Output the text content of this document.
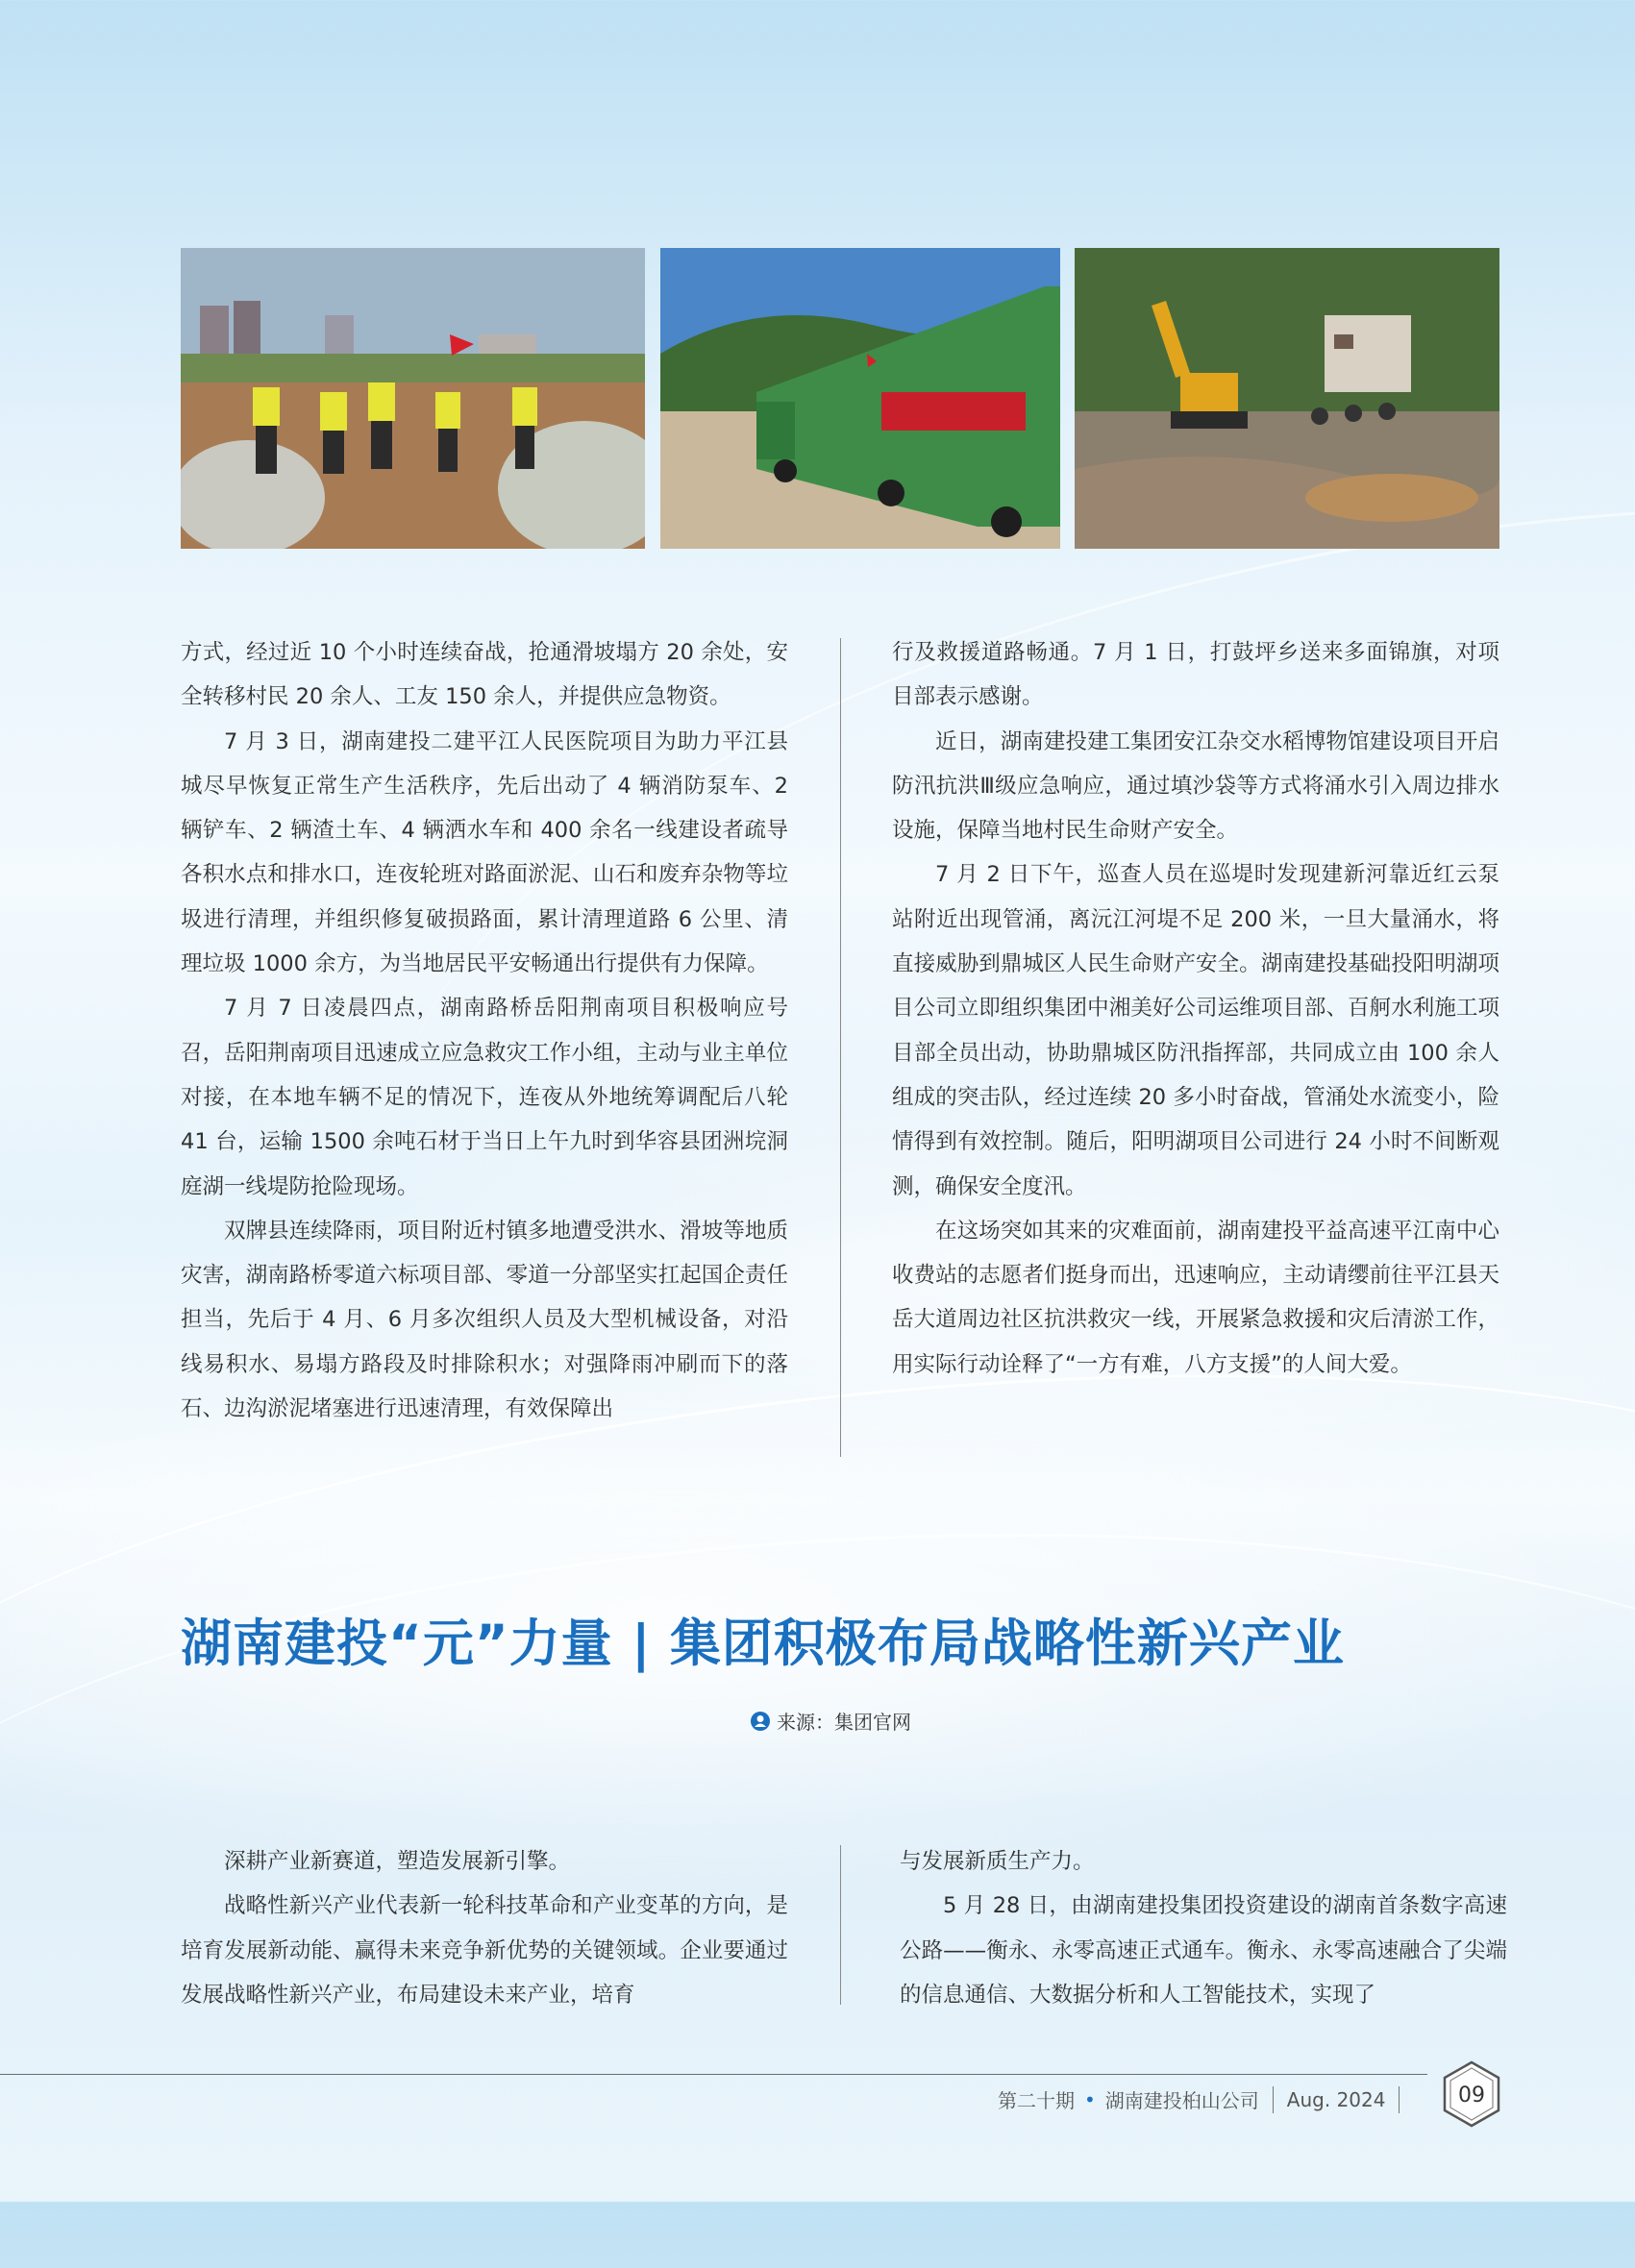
方式，经过近 10 个小时连续奋战，抢通滑坡塌方 20 余处，安全转移村民 20 余人、工友 150 余人，并提供应急物资。

7 月 3 日，湖南建投二建平江人民医院项目为助力平江县城尽早恢复正常生产生活秩序，先后出动了 4 辆消防泵车、2 辆铲车、2 辆渣土车、4 辆洒水车和 400 余名一线建设者疏导各积水点和排水口，连夜轮班对路面淤泥、山石和废弃杂物等垃圾进行清理，并组织修复破损路面，累计清理道路 6 公里、清理垃圾 1000 余方，为当地居民平安畅通出行提供有力保障。

7 月 7 日凌晨四点，湖南路桥岳阳荆南项目积极响应号召，岳阳荆南项目迅速成立应急救灾工作小组，主动与业主单位对接，在本地车辆不足的情况下，连夜从外地统筹调配后八轮 41 台，运输 1500 余吨石材于当日上午九时到华容县团洲垸洞庭湖一线堤防抢险现场。

双牌县连续降雨，项目附近村镇多地遭受洪水、滑坡等地质灾害，湖南路桥零道六标项目部、零道一分部坚实扛起国企责任担当，先后于 4 月、6 月多次组织人员及大型机械设备，对沿线易积水、易塌方路段及时排除积水；对强降雨冲刷而下的落石、边沟淤泥堵塞进行迅速清理，有效保障出

行及救援道路畅通。7 月 1 日，打鼓坪乡送来多面锦旗，对项目部表示感谢。

近日，湖南建投建工集团安江杂交水稻博物馆建设项目开启防汛抗洪Ⅲ级应急响应，通过填沙袋等方式将涌水引入周边排水设施，保障当地村民生命财产安全。

7 月 2 日下午，巡查人员在巡堤时发现建新河靠近红云泵站附近出现管涌，离沅江河堤不足 200 米，一旦大量涌水，将直接威胁到鼎城区人民生命财产安全。湖南建投基础投阳明湖项目公司立即组织集团中湘美好公司运维项目部、百舸水利施工项目部全员出动，协助鼎城区防汛指挥部，共同成立由 100 余人组成的突击队，经过连续 20 多小时奋战，管涌处水流变小，险情得到有效控制。随后，阳明湖项目公司进行 24 小时不间断观测，确保安全度汛。

在这场突如其来的灾难面前，湖南建投平益高速平江南中心收费站的志愿者们挺身而出，迅速响应，主动请缨前往平江县天岳大道周边社区抗洪救灾一线，开展紧急救援和灾后清淤工作，用实际行动诠释了“一方有难，八方支援”的人间大爱。

湖南建投“元”力量 | 集团积极布局战略性新兴产业
来源：集团官网

深耕产业新赛道，塑造发展新引擎。

战略性新兴产业代表新一轮科技革命和产业变革的方向，是培育发展新动能、赢得未来竞争新优势的关键领域。企业要通过发展战略性新兴产业，布局建设未来产业，培育

与发展新质生产力。

5 月 28 日，由湖南建投集团投资建设的湖南首条数字高速公路——衡永、永零高速正式通车。衡永、永零高速融合了尖端的信息通信、大数据分析和人工智能技术，实现了

第二十期 • 湖南建投桕山公司 Aug. 2024	09
